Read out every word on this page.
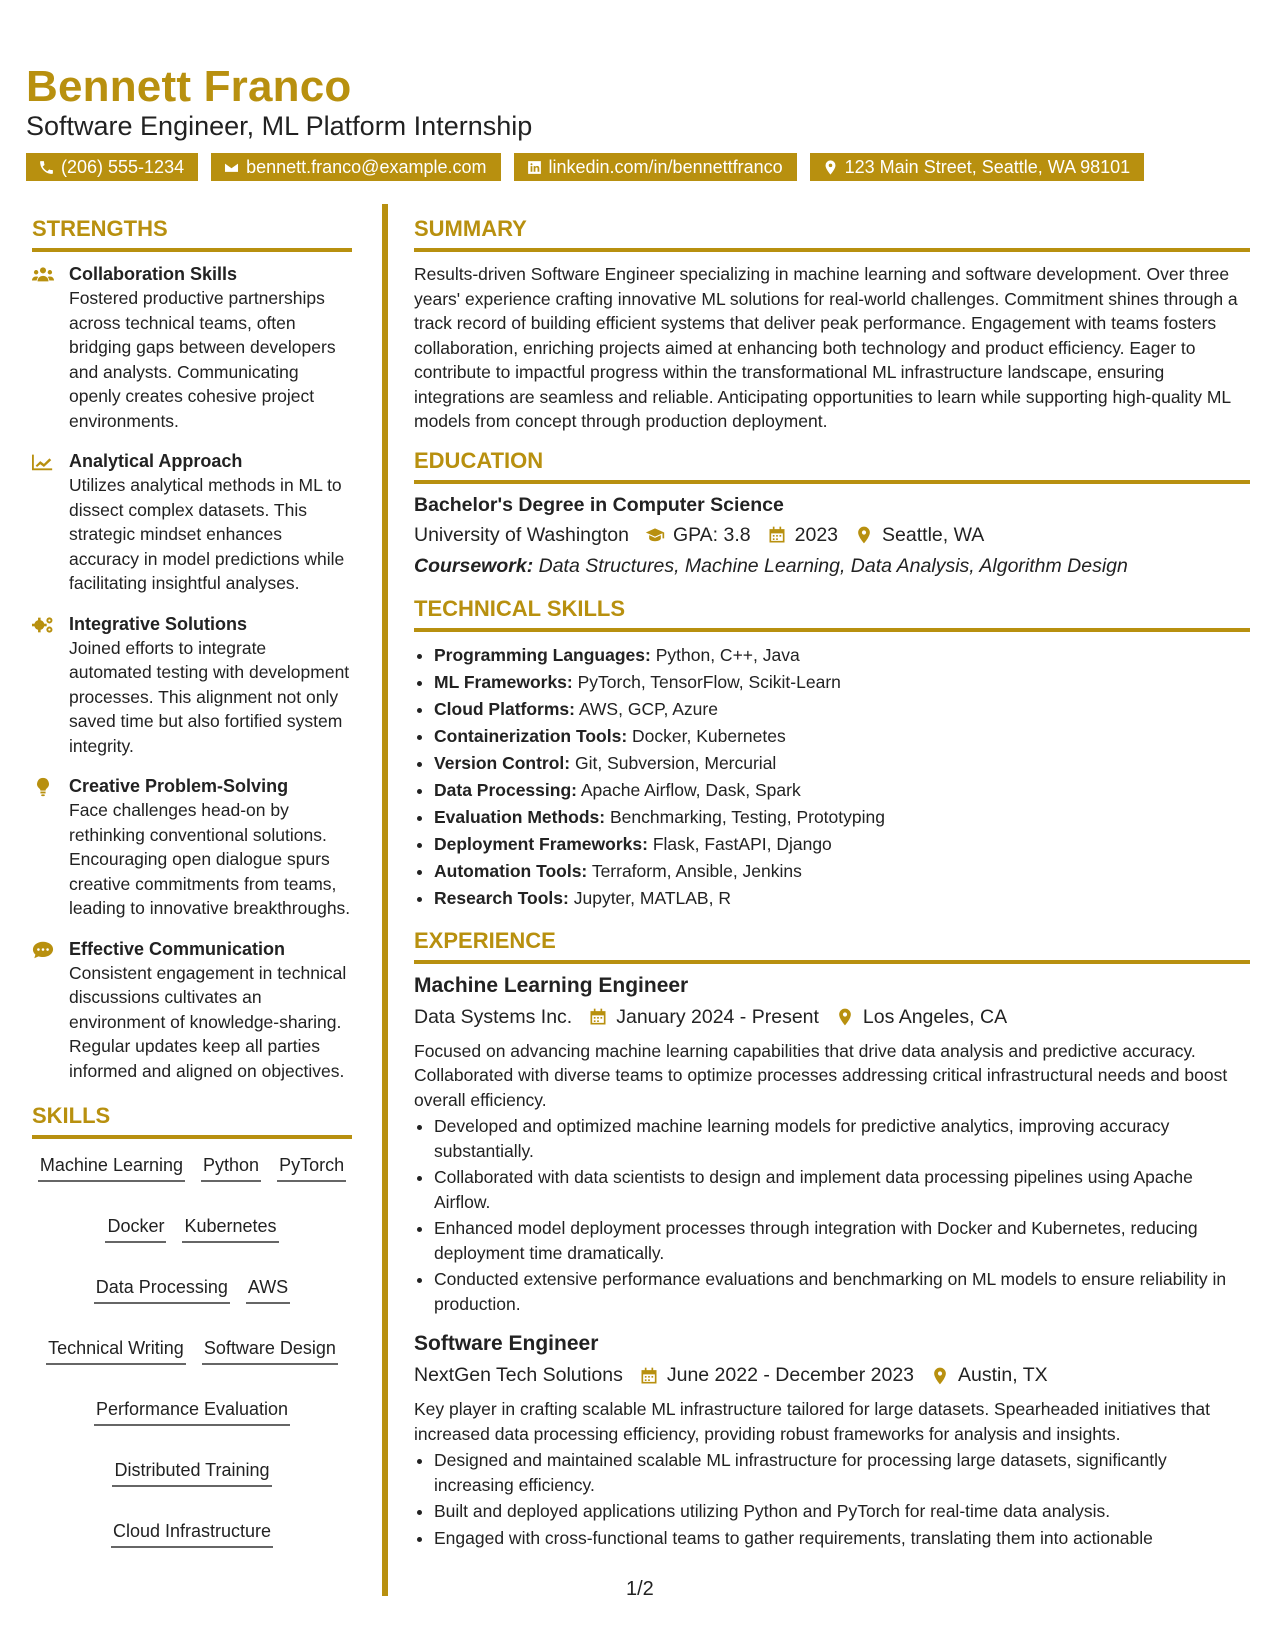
Bennett Franco
Software Engineer, ML Platform Internship
(206) 555-1234	bennett.franco@example.com	linkedin.com/in/bennettfranco	123 Main Street, Seattle, WA 98101
STRENGTHS
Collaboration Skills
Fostered productive partnerships across technical teams, often bridging gaps between developers and analysts. Communicating openly creates cohesive project environments.
Analytical Approach
Utilizes analytical methods in ML to dissect complex datasets. This strategic mindset enhances accuracy in model predictions while facilitating insightful analyses.
Integrative Solutions
Joined efforts to integrate automated testing with development processes. This alignment not only saved time but also fortified system integrity.
Creative Problem-Solving
Face challenges head-on by rethinking conventional solutions. Encouraging open dialogue spurs creative commitments from teams, leading to innovative breakthroughs.
Effective Communication
Consistent engagement in technical discussions cultivates an environment of knowledge-sharing. Regular updates keep all parties informed and aligned on objectives.
SKILLS
Machine Learning Python PyTorch
Docker Kubernetes
Data Processing AWS
Technical Writing Software Design
Performance Evaluation
Distributed Training
Cloud Infrastructure
SUMMARY
Results-driven Software Engineer specializing in machine learning and software development. Over three years' experience crafting innovative ML solutions for real-world challenges. Commitment shines through a track record of building efficient systems that deliver peak performance. Engagement with teams fosters collaboration, enriching projects aimed at enhancing both technology and product efficiency. Eager to contribute to impactful progress within the transformational ML infrastructure landscape, ensuring integrations are seamless and reliable. Anticipating opportunities to learn while supporting high-quality ML models from concept through production deployment.
EDUCATION
Bachelor's Degree in Computer Science
University of Washington GPA: 3.8 2023 Seattle, WA
Coursework: Data Structures, Machine Learning, Data Analysis, Algorithm Design
TECHNICAL SKILLS
• Programming Languages: Python, C++, Java
• ML Frameworks: PyTorch, TensorFlow, Scikit-Learn
• Cloud Platforms: AWS, GCP, Azure
• Containerization Tools: Docker, Kubernetes
• Version Control: Git, Subversion, Mercurial
• Data Processing: Apache Airflow, Dask, Spark
• Evaluation Methods: Benchmarking, Testing, Prototyping
• Deployment Frameworks: Flask, FastAPI, Django
• Automation Tools: Terraform, Ansible, Jenkins
• Research Tools: Jupyter, MATLAB, R
EXPERIENCE
Machine Learning Engineer
Data Systems Inc. January 2024 - Present Los Angeles, CA
Focused on advancing machine learning capabilities that drive data analysis and predictive accuracy. Collaborated with diverse teams to optimize processes addressing critical infrastructural needs and boost overall efficiency.
• Developed and optimized machine learning models for predictive analytics, improving accuracy substantially.
• Collaborated with data scientists to design and implement data processing pipelines using Apache Airflow.
• Enhanced model deployment processes through integration with Docker and Kubernetes, reducing deployment time dramatically.
• Conducted extensive performance evaluations and benchmarking on ML models to ensure reliability in production.
Software Engineer
NextGen Tech Solutions June 2022 - December 2023 Austin, TX
Key player in crafting scalable ML infrastructure tailored for large datasets. Spearheaded initiatives that increased data processing efficiency, providing robust frameworks for analysis and insights.
• Designed and maintained scalable ML infrastructure for processing large datasets, significantly increasing efficiency.
• Built and deployed applications utilizing Python and PyTorch for real-time data analysis.
• Engaged with cross-functional teams to gather requirements, translating them into actionable
1/2
